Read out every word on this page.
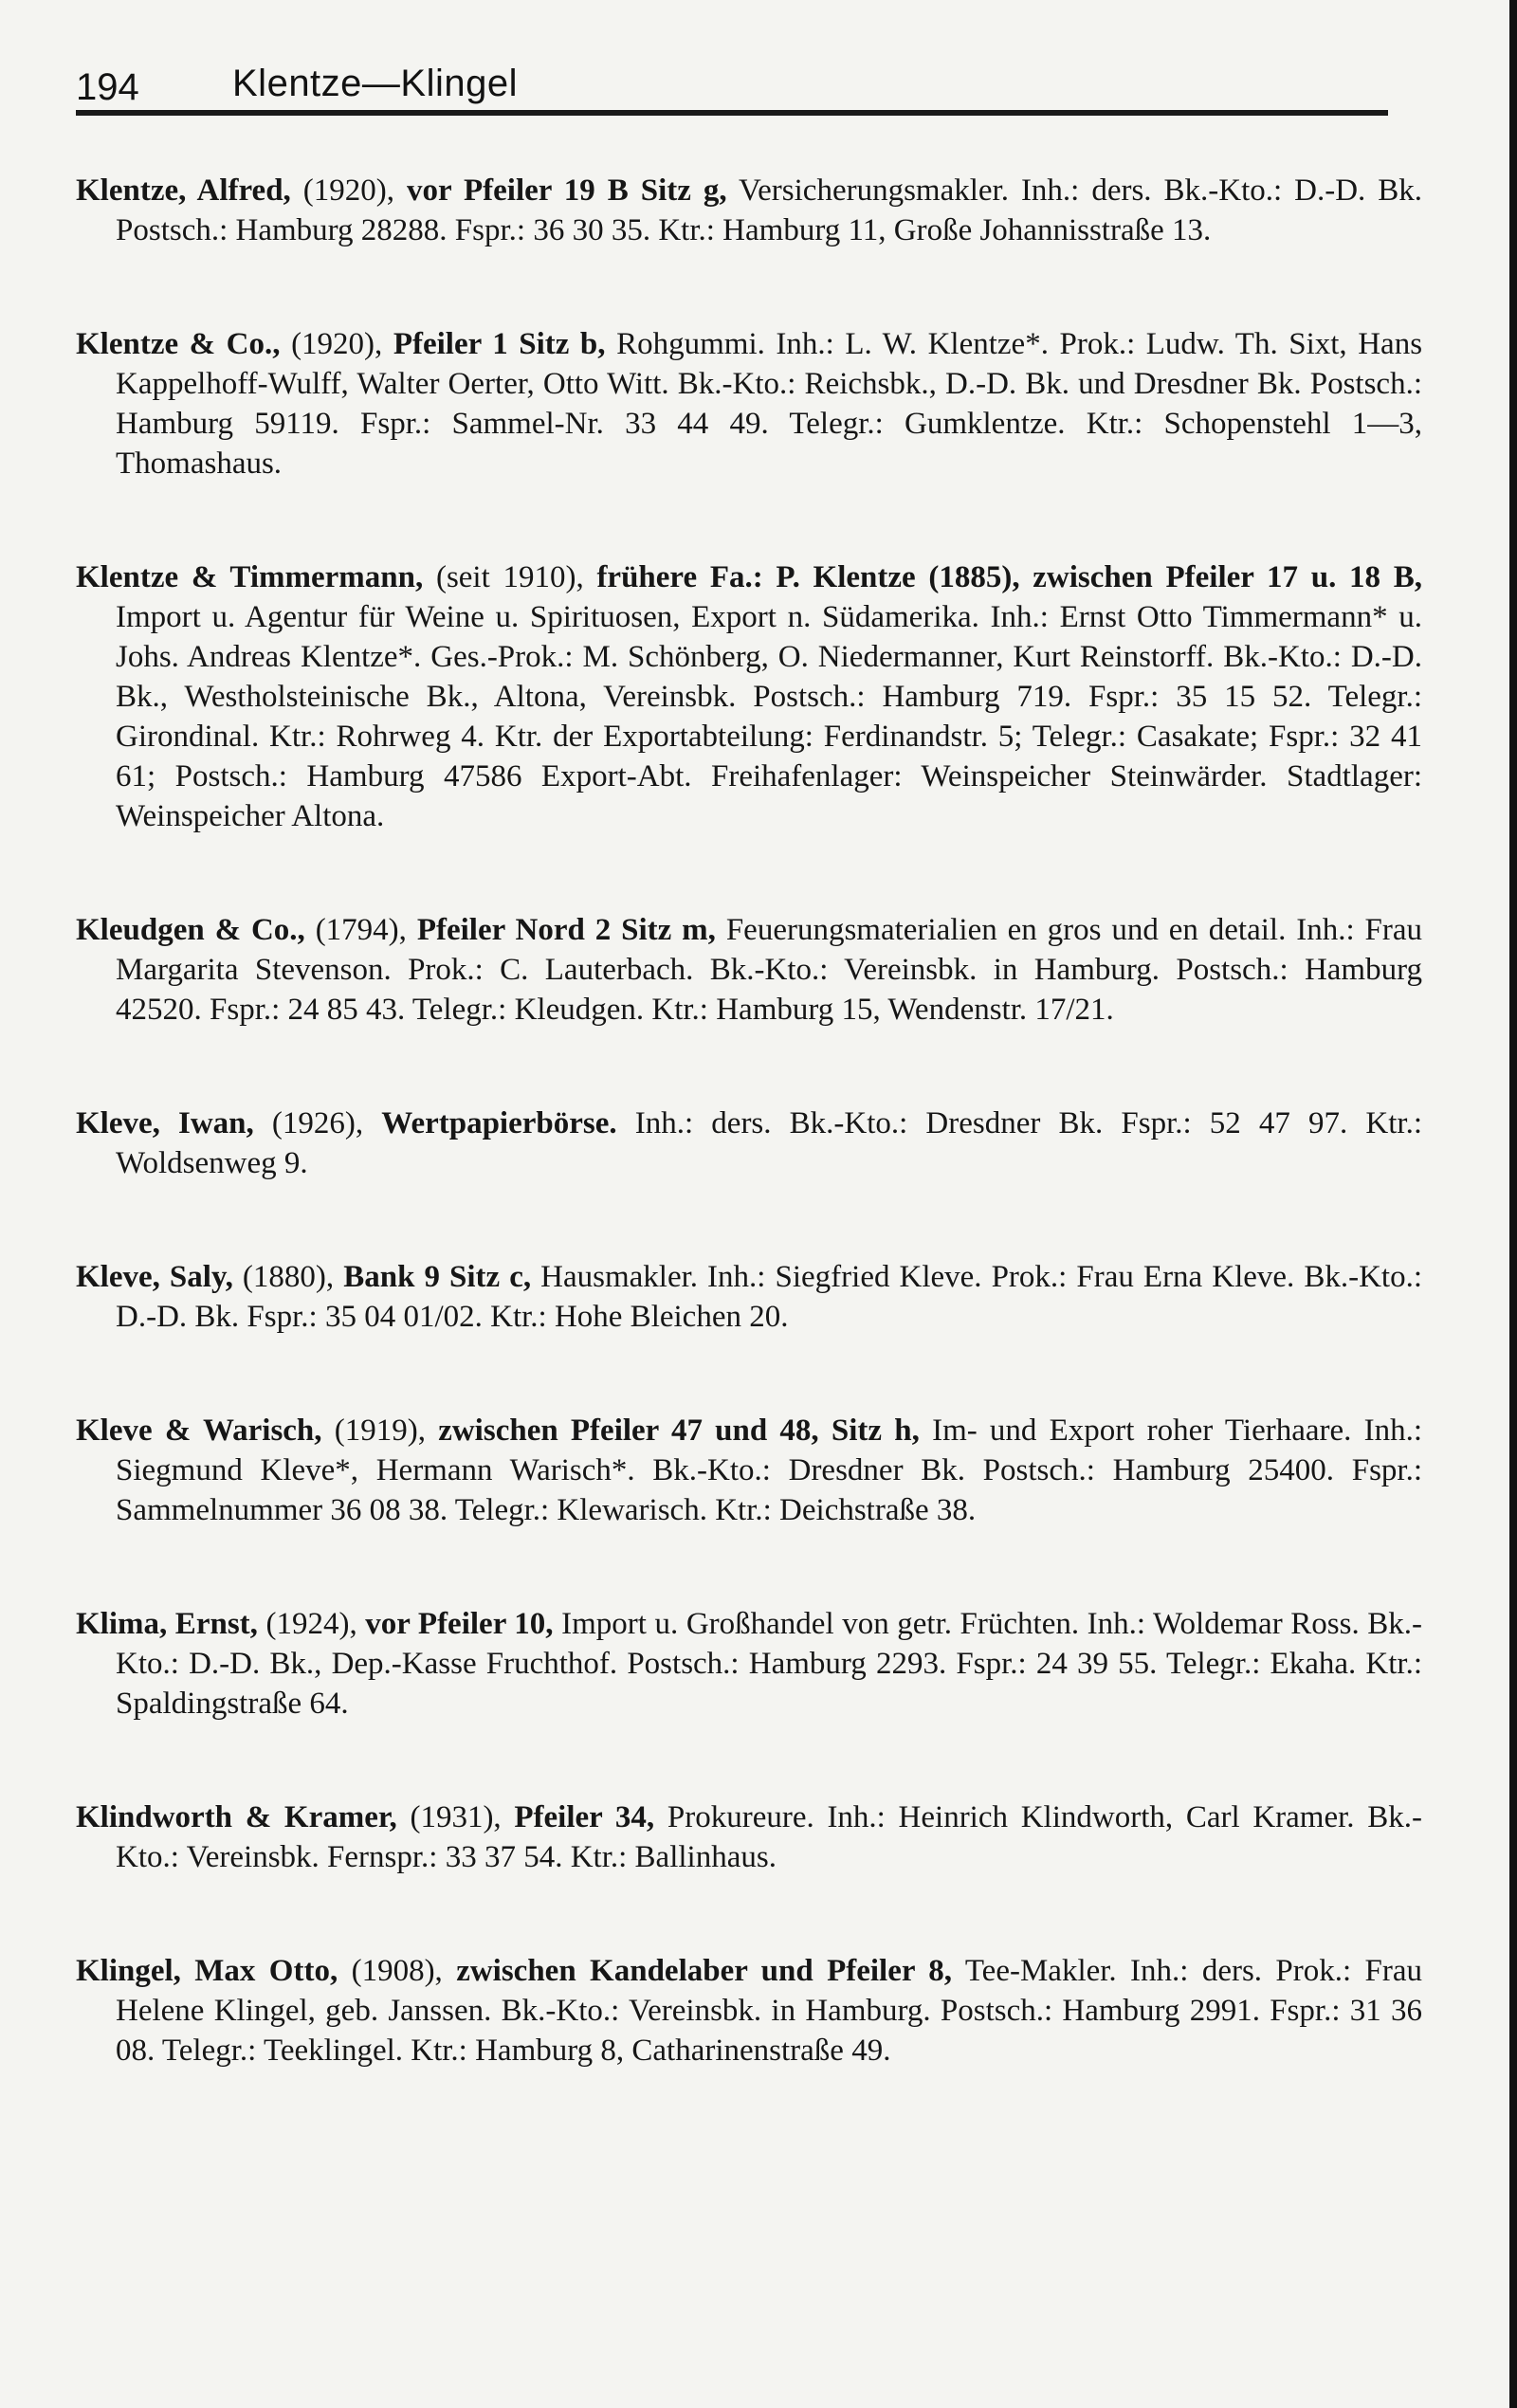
194 Klentze—Klingel

Klentze, Alfred, (1920), vor Pfeiler 19 B Sitz g, Versicherungsmakler. Inh.: ders. Bk.-Kto.: D.-D. Bk. Postsch.: Hamburg 28288. Fspr.: 36 30 35. Ktr.: Hamburg 11, Große Johannisstraße 13.

Klentze & Co., (1920), Pfeiler 1 Sitz b, Rohgummi. Inh.: L. W. Klentze*. Prok.: Ludw. Th. Sixt, Hans Kappelhoff-Wulff, Walter Oerter, Otto Witt. Bk.-Kto.: Reichsbk., D.-D. Bk. und Dresdner Bk. Postsch.: Hamburg 59119. Fspr.: Sammel-Nr. 33 44 49. Telegr.: Gumklentze. Ktr.: Schopenstehl 1—3, Thomashaus.

Klentze & Timmermann, (seit 1910), frühere Fa.: P. Klentze (1885), zwischen Pfeiler 17 u. 18 B, Import u. Agentur für Weine u. Spirituosen, Export n. Südamerika. Inh.: Ernst Otto Timmermann* u. Johs. Andreas Klentze*. Ges.-Prok.: M. Schönberg, O. Niedermanner, Kurt Reinstorff. Bk.-Kto.: D.-D. Bk., Westholsteinische Bk., Altona, Vereinsbk. Postsch.: Hamburg 719. Fspr.: 35 15 52. Telegr.: Girondinal. Ktr.: Rohrweg 4. Ktr. der Exportabteilung: Ferdinandstr. 5; Telegr.: Casakate; Fspr.: 32 41 61; Postsch.: Hamburg 47586 Export-Abt. Freihafenlager: Weinspeicher Steinwärder. Stadtlager: Weinspeicher Altona.

Kleudgen & Co., (1794), Pfeiler Nord 2 Sitz m, Feuerungsmaterialien en gros und en detail. Inh.: Frau Margarita Stevenson. Prok.: C. Lauterbach. Bk.-Kto.: Vereinsbk. in Hamburg. Postsch.: Hamburg 42520. Fspr.: 24 85 43. Telegr.: Kleudgen. Ktr.: Hamburg 15, Wendenstr. 17/21.

Kleve, Iwan, (1926), Wertpapierbörse. Inh.: ders. Bk.-Kto.: Dresdner Bk. Fspr.: 52 47 97. Ktr.: Woldsenweg 9.

Kleve, Saly, (1880), Bank 9 Sitz c, Hausmakler. Inh.: Siegfried Kleve. Prok.: Frau Erna Kleve. Bk.-Kto.: D.-D. Bk. Fspr.: 35 04 01/02. Ktr.: Hohe Bleichen 20.

Kleve & Warisch, (1919), zwischen Pfeiler 47 und 48, Sitz h, Im- und Export roher Tierhaare. Inh.: Siegmund Kleve*, Hermann Warisch*. Bk.-Kto.: Dresdner Bk. Postsch.: Hamburg 25400. Fspr.: Sammelnummer 36 08 38. Telegr.: Klewarisch. Ktr.: Deichstraße 38.

Klima, Ernst, (1924), vor Pfeiler 10, Import u. Großhandel von getr. Früchten. Inh.: Woldemar Ross. Bk.-Kto.: D.-D. Bk., Dep.-Kasse Fruchthof. Postsch.: Hamburg 2293. Fspr.: 24 39 55. Telegr.: Ekaha. Ktr.: Spaldingstraße 64.

Klindworth & Kramer, (1931), Pfeiler 34, Prokureure. Inh.: Heinrich Klindworth, Carl Kramer. Bk.-Kto.: Vereinsbk. Fernspr.: 33 37 54. Ktr.: Ballinhaus.

Klingel, Max Otto, (1908), zwischen Kandelaber und Pfeiler 8, Tee-Makler. Inh.: ders. Prok.: Frau Helene Klingel, geb. Janssen. Bk.-Kto.: Vereinsbk. in Hamburg. Postsch.: Hamburg 2991. Fspr.: 31 36 08. Telegr.: Teeklingel. Ktr.: Hamburg 8, Catharinenstraße 49.
